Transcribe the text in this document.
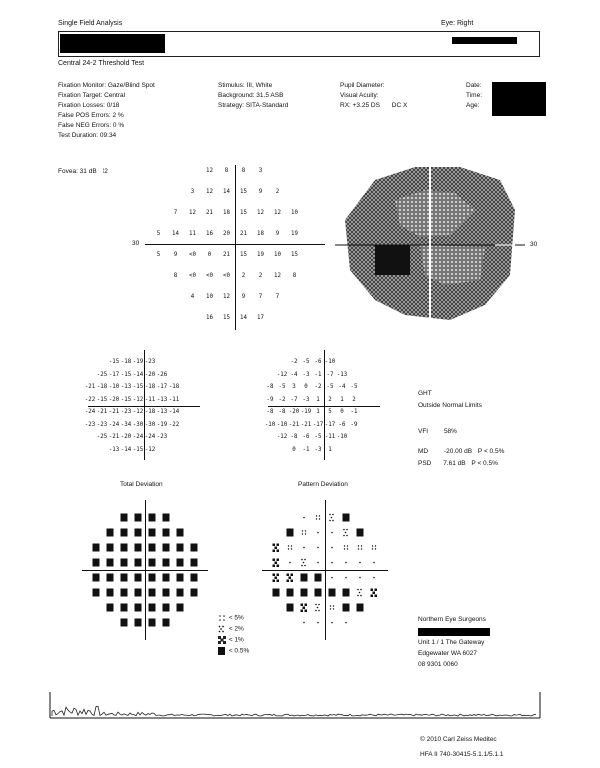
Single Field Analysis	Eye: Right
Central 24-2 Threshold Test
Fixation Monitor: Gaze/Blind Spot
Fixation Target: Central
Fixation Losses: 0/18
False POS Errors: 2 %
False NEG Errors: 0 %
Test Duration: 09:34
Fovea: 31 dB ⁞2
Stimulus: III, White
Background: 31.5 ASB
Strategy: SITA-Standard
Pupil Diameter:
Visual Acuity:
RX: +3.25 DS DC X
Date:
Time:
Age:
30
12 8 8 3
3 12 14 15 9 2
7 12 21 18 15 12 12 10
5 14 11 16 20 21 18 9 19
5 9 <0 0 21 15 19 10 15
8 <0 <0 <0 2 2 12 8
4 10 12 9 7 7
16 15 14 17
30
-15 -18 -19 -23
-25 -17 -15 -14 -20 -26
-21 -18 -10 -13 -15 -18 -17 -18
-22 -15 -20 -15 -12 -11 -13 -11
-24 -21 -21 -23 -12 -18 -13 -14
-23 -23 -24 -34 -30 -30 -19 -22
-25 -21 -20 -24 -24 -23
-13 -14 -15 -12
-2 -5 -6 -10
-12 -4 -3 -1 -7 -13
-8 -5 3 0 -2 -5 -4 -5
-9 -2 -7 -3 1 2 1 2
-8 -8 -20 -19 1 5 0 -1
-10 -10 -21 -21 -17 -17 -6 -9
-12 -8 -6 -5 -11 -10
0 -1 -3 1
GHT
Outside Normal Limits
VFI 58%
MD -20.00 dB P < 0.5%
PSD 7.61 dB P < 0.5%
Total Deviation	Pattern Deviation
< 5%
< 2%
< 1%
< 0.5%
Northern Eye Surgeons
Unit 1 / 1 The Gateway
Edgewater WA 6027
08 9301 0060
© 2010 Carl Zeiss Meditec
HFA II 740-30415-5.1.1/5.1.1
